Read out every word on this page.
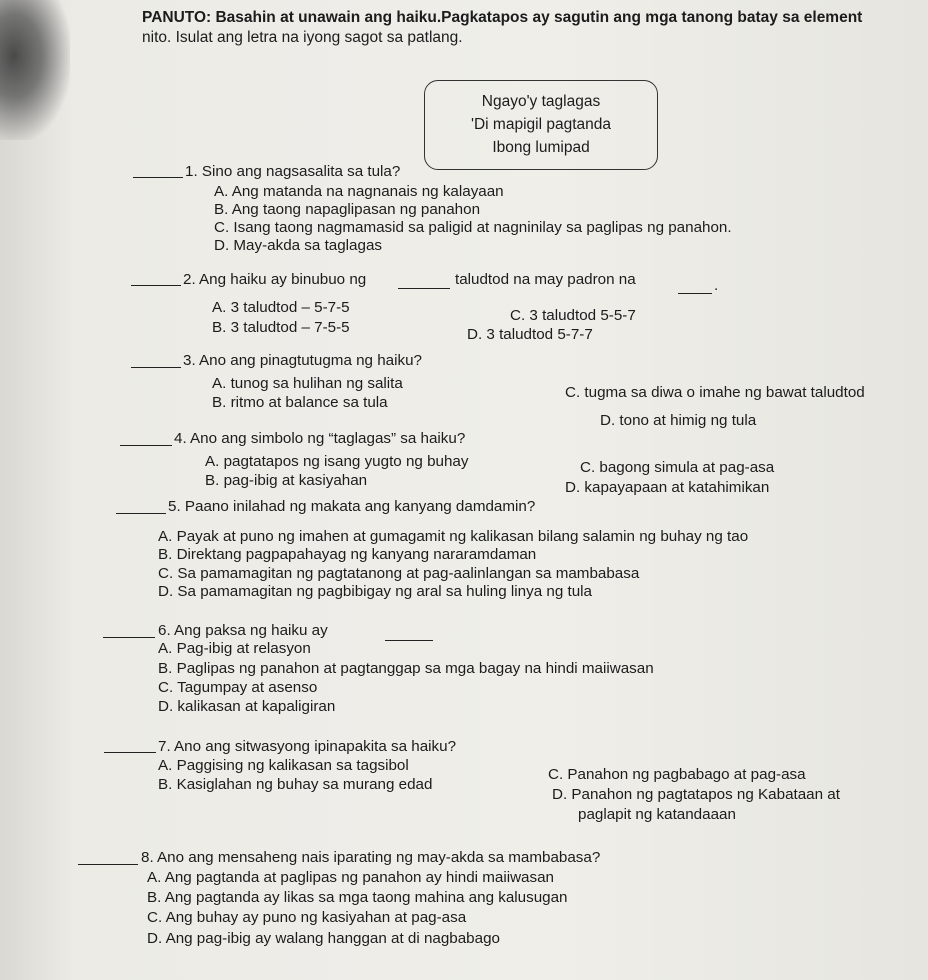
PANUTO: Basahin at unawain ang haiku.Pagkatapos ay sagutin ang mga tanong batay sa element
nito. Isulat ang letra na iyong sagot sa patlang.
Ngayo'y taglagas
'Di mapigil pagtanda
Ibong lumipad
1. Sino ang nagsasalita sa tula?
A. Ang matanda na nagnanais ng kalayaan
B. Ang taong napaglipasan ng panahon
C. Isang taong nagmamasid sa paligid at nagninilay sa paglipas ng panahon.
D. May-akda sa taglagas
2. Ang haiku ay binubuo ng	taludtod na may padron na	.
A. 3 taludtod – 5-7-5	C. 3 taludtod 5-5-7
B. 3 taludtod – 7-5-5	D. 3 taludtod 5-7-7
3. Ano ang pinagtutugma ng haiku?
A. tunog sa hulihan ng salita
C. tugma sa diwa o imahe ng bawat taludtod
B. ritmo at balance sa tula
D. tono at himig ng tula
4. Ano ang simbolo ng “taglagas” sa haiku?
A. pagtatapos ng isang yugto ng buhay	C. bagong simula at pag-asa
B. pag-ibig at kasiyahan	D. kapayapaan at katahimikan
5. Paano inilahad ng makata ang kanyang damdamin?
A. Payak at puno ng imahen at gumagamit ng kalikasan bilang salamin ng buhay ng tao
B. Direktang pagpapahayag ng kanyang nararamdaman
C. Sa pamamagitan ng pagtatanong at pag-aalinlangan sa mambabasa
D. Sa pamamagitan ng pagbibigay ng aral sa huling linya ng tula
6. Ang paksa ng haiku ay
A. Pag-ibig at relasyon
B. Paglipas ng panahon at pagtanggap sa mga bagay na hindi maiiwasan
C. Tagumpay at asenso
D. kalikasan at kapaligiran
7. Ano ang sitwasyong ipinapakita sa haiku?
A. Paggising ng kalikasan sa tagsibol
C. Panahon ng pagbabago at pag-asa
B. Kasiglahan ng buhay sa murang edad
D. Panahon ng pagtatapos ng Kabataan at
paglapit ng katandaaan
8. Ano ang mensaheng nais iparating ng may-akda sa mambabasa?
A. Ang pagtanda at paglipas ng panahon ay hindi maiiwasan
B. Ang pagtanda ay likas sa mga taong mahina ang kalusugan
C. Ang buhay ay puno ng kasiyahan at pag-asa
D. Ang pag-ibig ay walang hanggan at di nagbabago
